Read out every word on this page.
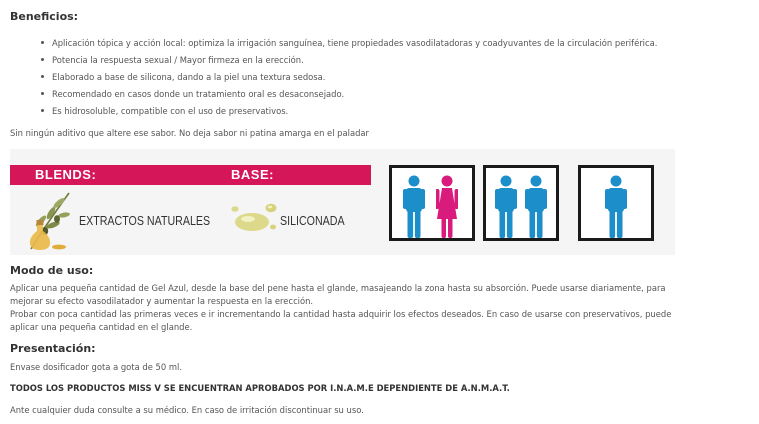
Beneficios:
Aplicación tópica y acción local: optimiza la irrigación sanguínea, tiene propiedades vasodilatadoras y coadyuvantes de la circulación periférica.
Potencia la respuesta sexual / Mayor firmeza en la erección.
Elaborado a base de silicona, dando a la piel una textura sedosa.
Recomendado en casos donde un tratamiento oral es desaconsejado.
Es hidrosoluble, compatible con el uso de preservativos.

Sin ningún aditivo que altere ese sabor. No deja sabor ni patina amarga en el paladar

BLENDS:	BASE:
EXTRACTOS NATURALES	SILICONADA
Modo de uso:

Aplicar una pequeña cantidad de Gel Azul, desde la base del pene hasta el glande, masajeando la zona hasta su absorción. Puede usarse diariamente, para

mejorar su efecto vasodilatador y aumentar la respuesta en la erección.

Probar con poca cantidad las primeras veces e ir incrementando la cantidad hasta adquirir los efectos deseados. En caso de usarse con preservativos, puede

aplicar una pequeña cantidad en el glande.

Presentación:

Envase dosificador gota a gota de 50 ml.

TODOS LOS PRODUCTOS MISS V SE ENCUENTRAN APROBADOS POR I.N.A.M.E DEPENDIENTE DE A.N.M.A.T.

Ante cualquier duda consulte a su médico. En caso de irritación discontinuar su uso.
